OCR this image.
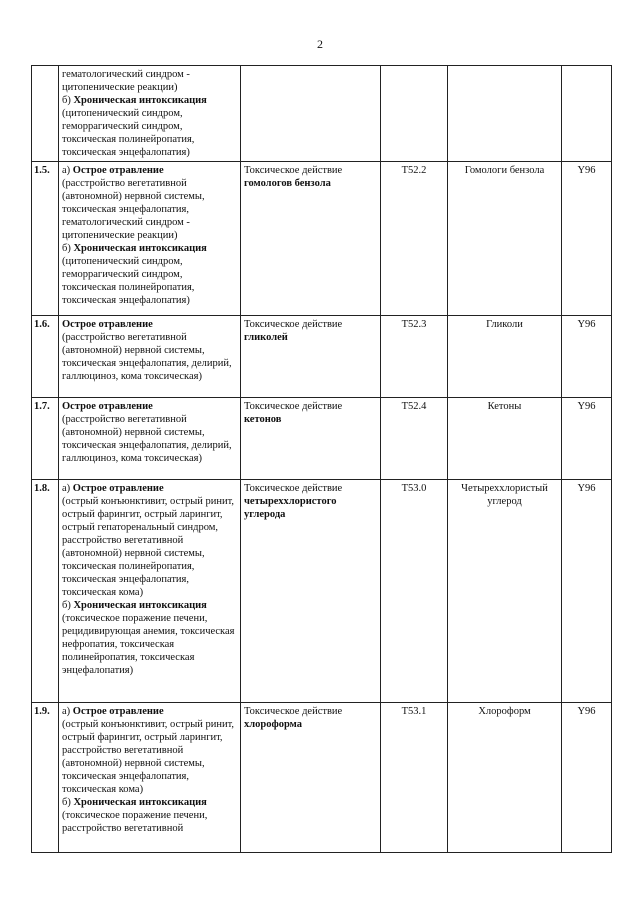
2

	гематологический синдром - цитопенические реакции)
б) Хроническая интоксикация
(цитопенический синдром, геморрагический синдром, токсическая полинейропатия, токсическая энцефалопатия)				

1.5.	а) Острое отравление
(расстройство вегетативной (автономной) нервной системы, токсическая энцефалопатия, гематологический синдром - цитопенические реакции)
б) Хроническая интоксикация
(цитопенический синдром, геморрагический синдром, токсическая полинейропатия, токсическая энцефалопатия)	Токсическое действие
гомологов бензола	T52.2	Гомологи бензола	Y96
1.6.	Острое отравление
(расстройство вегетативной (автономной) нервной системы, токсическая энцефалопатия, делирий, галлюциноз, кома токсическая)	Токсическое действие
гликолей	T52.3	Гликоли	Y96
1.7.	Острое отравление
(расстройство вегетативной (автономной) нервной системы, токсическая энцефалопатия, делирий, галлюциноз, кома токсическая)	Токсическое действие
кетонов	T52.4	Кетоны	Y96
1.8.	а) Острое отравление
(острый конъюнктивит, острый ринит, острый фарингит, острый ларингит, острый гепаторенальный синдром, расстройство вегетативной (автономной) нервной системы, токсическая полинейропатия, токсическая энцефалопатия, токсическая кома)
б) Хроническая интоксикация
(токсическое поражение печени, рецидивирующая анемия, токсическая нефропатия, токсическая полинейропатия, токсическая энцефалопатия)	Токсическое действие
четыреххлористого углерода	T53.0	Четыреххлористый углерод	Y96
1.9.	а) Острое отравление
(острый конъюнктивит, острый ринит, острый фарингит, острый ларингит, расстройство вегетативной (автономной) нервной системы, токсическая энцефалопатия, токсическая кома)
б) Хроническая интоксикация
(токсическое поражение печени, расстройство вегетативной	Токсическое действие
хлороформа	T53.1	Хлороформ	Y96
